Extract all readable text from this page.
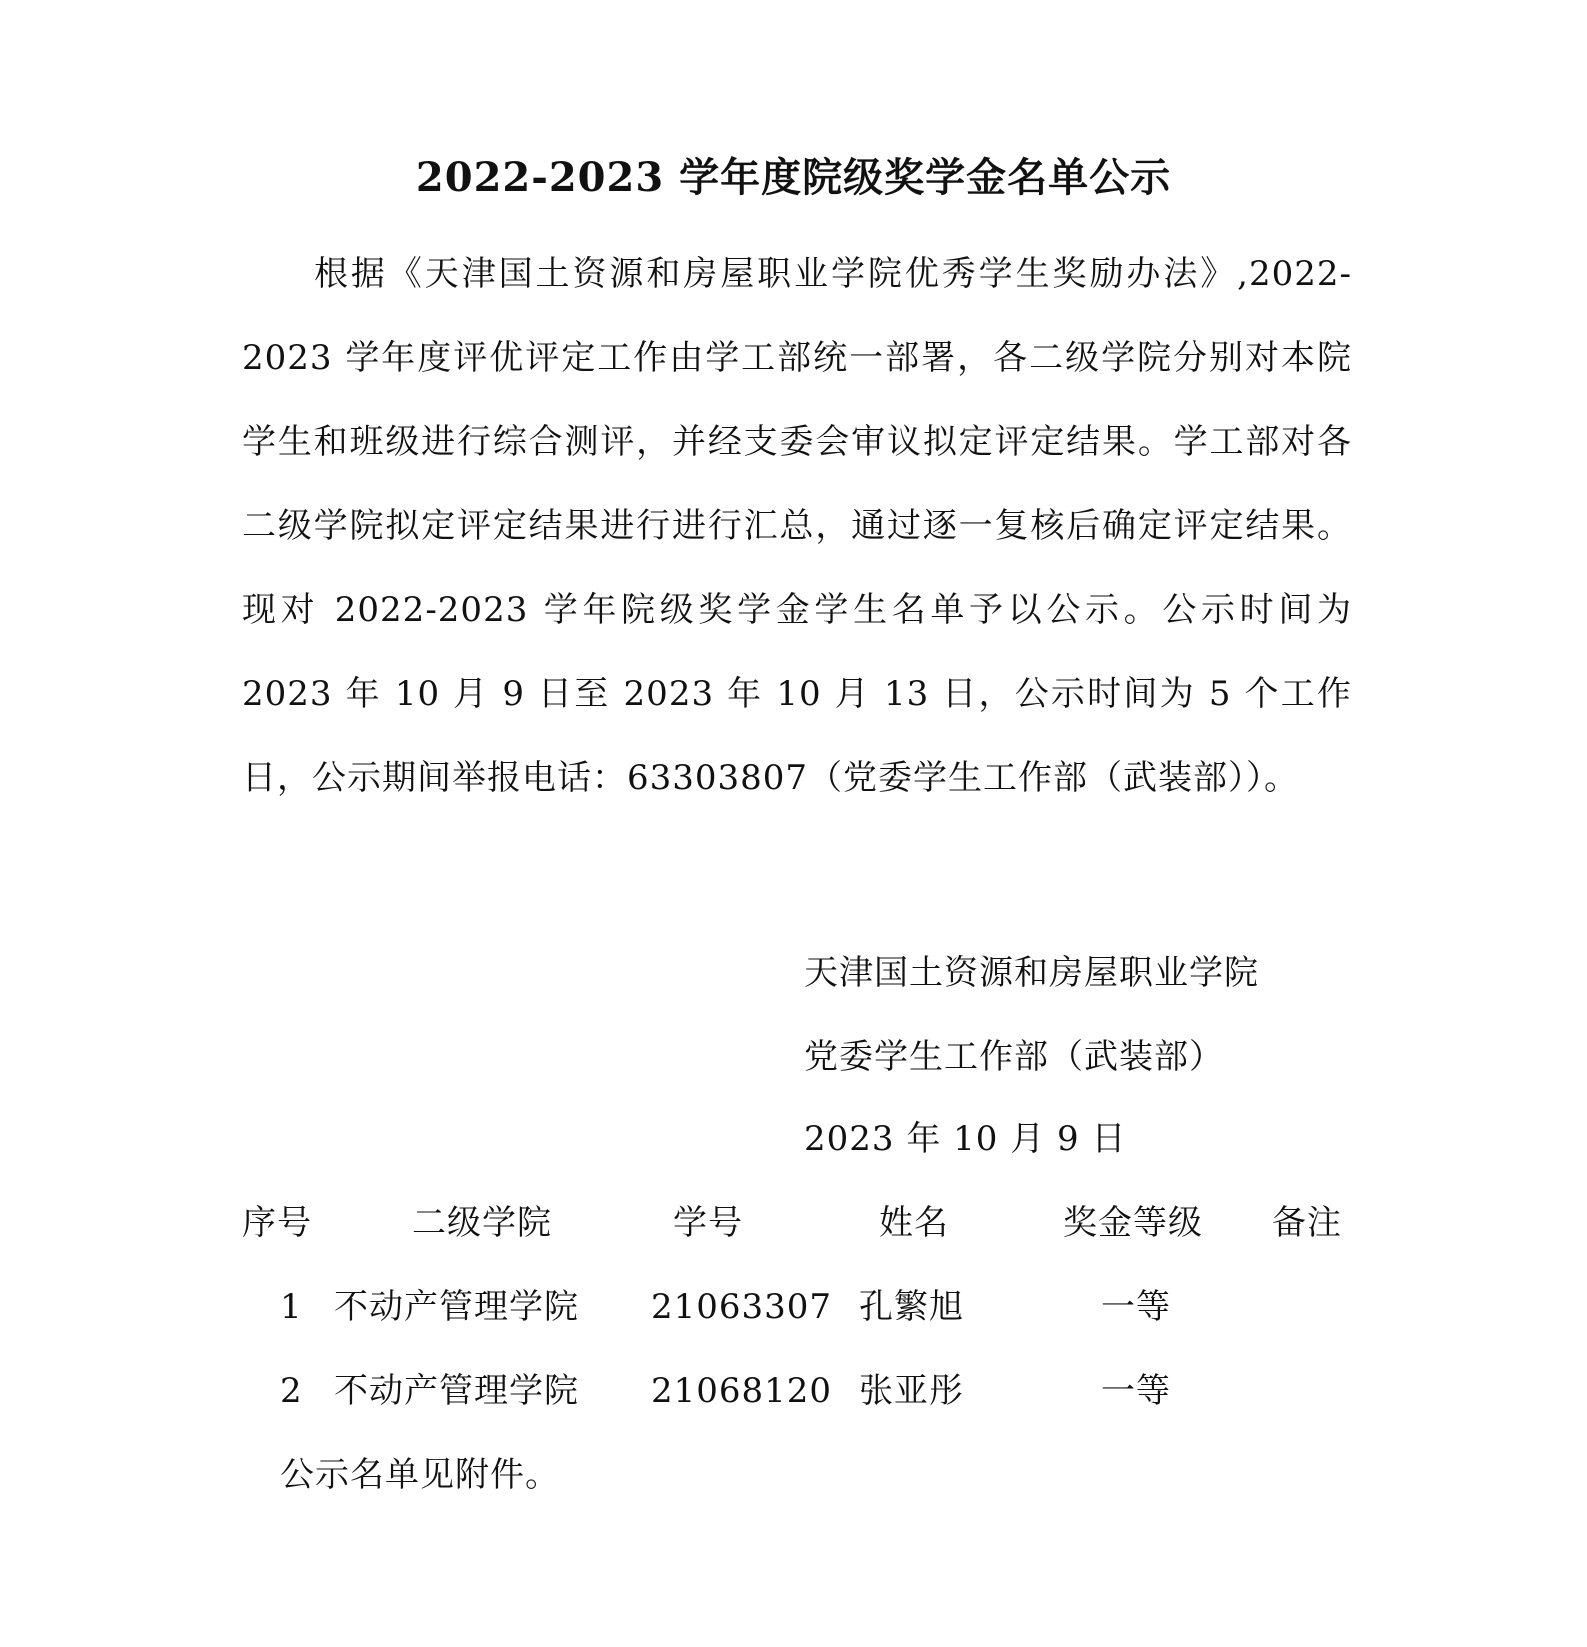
2022-2023 学年度院级奖学金名单公示

根据《天津国土资源和房屋职业学院优秀学生奖励办法》,2022-2023 学年度评优评定工作由学工部统一部署，各二级学院分别对本院学生和班级进行综合测评，并经支委会审议拟定评定结果。学工部对各二级学院拟定评定结果进行进行汇总，通过逐一复核后确定评定结果。现对 2022-2023 学年院级奖学金学生名单予以公示。公示时间为 2023 年 10 月 9 日至 2023 年 10 月 13 日，公示时间为 5 个工作日，公示期间举报电话：63303807（党委学生工作部（武装部））。

天津国土资源和房屋职业学院
党委学生工作部（武装部）
2023 年 10 月 9 日
序号	二级学院	学号	姓名	奖金等级 备注
1 不动产管理学院 21063307 孔繁旭	一等
2 不动产管理学院 21068120 张亚彤	一等
公示名单见附件。
